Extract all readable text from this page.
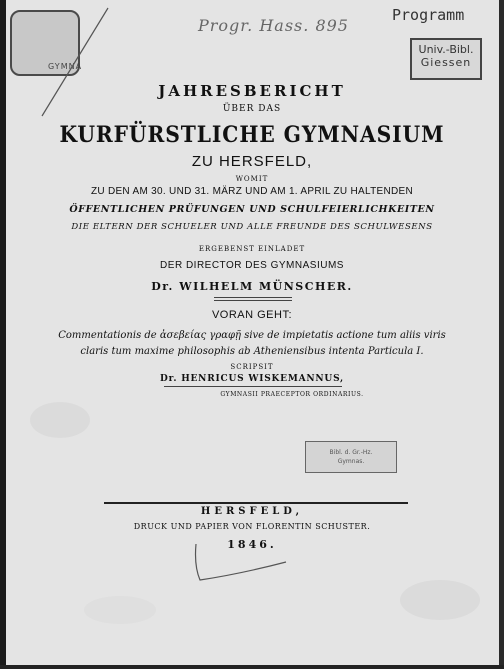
GYMNA
Progr. Hass. 895
Programm
Univ.-Bibl.
Giessen
JAHRESBERICHT
ÜBER DAS
KURFÜRSTLICHE GYMNASIUM
ZU HERSFELD,
WOMIT
ZU DEN AM 30. UND 31. MÄRZ UND AM 1. APRIL ZU HALTENDEN
ÖFFENTLICHEN PRÜFUNGEN UND SCHULFEIERLICHKEITEN
DIE ELTERN DER SCHUELER UND ALLE FREUNDE DES SCHULWESENS
ERGEBENST EINLADET
DER DIRECTOR DES GYMNASIUMS
Dr. WILHELM MÜNSCHER.
VORAN GEHT:
Commentationis de ἀσεβείας γραφῇ sive de impietatis actione tum aliis viris
claris tum maxime philosophis ab Atheniensibus intenta Particula I.
SCRIPSIT
Dr. HENRICUS WISKEMANNUS,
GYMNASII PRAECEPTOR ORDINARIUS.
Bibl. d. Gr.-Hz.
Gymnas.
HERSFELD,
DRUCK UND PAPIER VON FLORENTIN SCHUSTER.
1846.
